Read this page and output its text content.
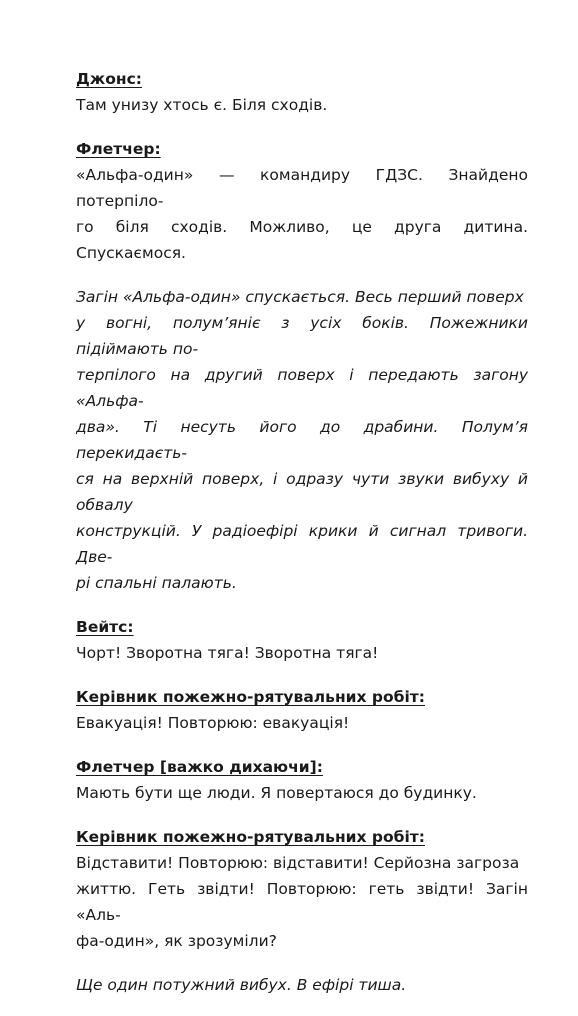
Джонс:

Там унизу хтось є. Біля сходів.

Флетчер:

«Альфа-один» — командиру ГДЗС. Знайдено потерпіло-

го біля сходів. Можливо, це друга дитина. Спускаємося.

Загін «Альфа-один» спускається. Весь перший поверх
у вогні, полум’яніє з усіх боків. Пожежники підіймають по-
терпілого на другий поверх і передають загону «Альфа-
два». Ті несуть його до драбини. Полум’я перекидаєть-
ся на верхній поверх, і одразу чути звуки вибуху й обвалу
конструкцій. У радіоефірі крики й сигнал тривоги. Две-
рі спальні палають.

Вейтс:

Чорт! Зворотна тяга! Зворотна тяга!

Керівник пожежно-рятувальних робіт:

Евакуація! Повторюю: евакуація!

Флетчер [важко дихаючи]:

Мають бути ще люди. Я повертаюся до будинку.

Керівник пожежно-рятувальних робіт:

Відставити! Повторюю: відставити! Серйозна загроза

життю. Геть звідти! Повторюю: геть звідти! Загін «Аль-

фа-один», як зрозуміли?

Ще один потужний вибух. В ефірі тиша.
